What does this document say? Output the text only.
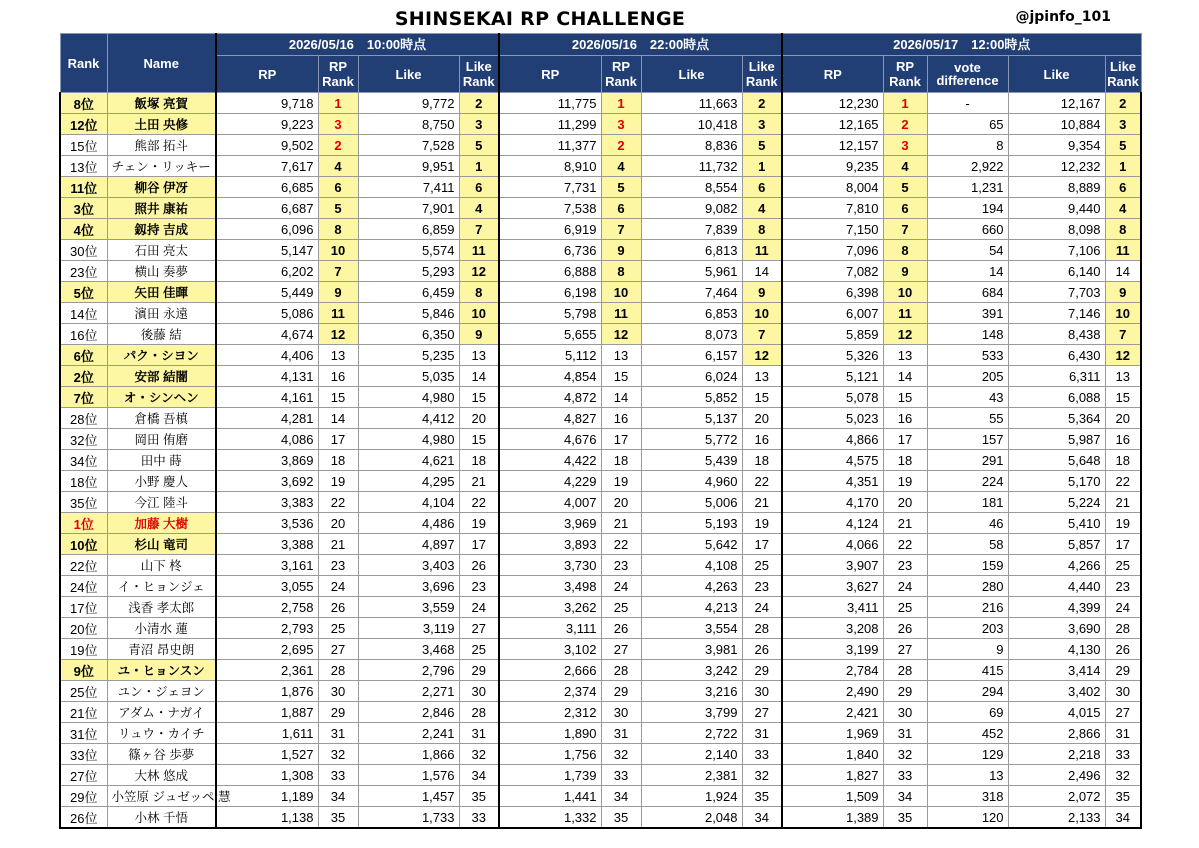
SHINSEKAI RP CHALLENGE	@jpinfo_101
Rank	Name	2026/05/16　10:00時点				2026/05/16　22:00時点				2026/05/17　12:00時点				
		RP	RP Rank	Like	Like Rank	RP	RP Rank	Like	Like Rank	RP	RP Rank	vote difference	Like	Like Rank
8位	飯塚 亮賀	9,718	1	9,772	2	11,775	1	11,663	2	12,230	1	-	12,167	2
12位	土田 央修	9,223	3	8,750	3	11,299	3	10,418	3	12,165	2	65	10,884	3
15位	熊部 拓斗	9,502	2	7,528	5	11,377	2	8,836	5	12,157	3	8	9,354	5
13位	チェン・リッキー	7,617	4	9,951	1	8,910	4	11,732	1	9,235	4	2,922	12,232	1
11位	柳谷 伊冴	6,685	6	7,411	6	7,731	5	8,554	6	8,004	5	1,231	8,889	6
3位	照井 康祐	6,687	5	7,901	4	7,538	6	9,082	4	7,810	6	194	9,440	4
4位	釼持 吉成	6,096	8	6,859	7	6,919	7	7,839	8	7,150	7	660	8,098	8
30位	石田 亮太	5,147	10	5,574	11	6,736	9	6,813	11	7,096	8	54	7,106	11
23位	横山 奏夢	6,202	7	5,293	12	6,888	8	5,961	14	7,082	9	14	6,140	14
5位	矢田 佳暉	5,449	9	6,459	8	6,198	10	7,464	9	6,398	10	684	7,703	9
14位	濱田 永遠	5,086	11	5,846	10	5,798	11	6,853	10	6,007	11	391	7,146	10
16位	後藤 結	4,674	12	6,350	9	5,655	12	8,073	7	5,859	12	148	8,438	7
6位	パク・シヨン	4,406	13	5,235	13	5,112	13	6,157	12	5,326	13	533	6,430	12
2位	安部 結闇	4,131	16	5,035	14	4,854	15	6,024	13	5,121	14	205	6,311	13
7位	オ・シンヘン	4,161	15	4,980	15	4,872	14	5,852	15	5,078	15	43	6,088	15
28位	倉橋 吾槙	4,281	14	4,412	20	4,827	16	5,137	20	5,023	16	55	5,364	20
32位	岡田 侑磨	4,086	17	4,980	15	4,676	17	5,772	16	4,866	17	157	5,987	16
34位	田中 蒔	3,869	18	4,621	18	4,422	18	5,439	18	4,575	18	291	5,648	18
18位	小野 慶人	3,692	19	4,295	21	4,229	19	4,960	22	4,351	19	224	5,170	22
35位	今江 陸斗	3,383	22	4,104	22	4,007	20	5,006	21	4,170	20	181	5,224	21
1位	加藤 大樹	3,536	20	4,486	19	3,969	21	5,193	19	4,124	21	46	5,410	19
10位	杉山 竜司	3,388	21	4,897	17	3,893	22	5,642	17	4,066	22	58	5,857	17
22位	山下 柊	3,161	23	3,403	26	3,730	23	4,108	25	3,907	23	159	4,266	25
24位	イ・ヒョンジェ	3,055	24	3,696	23	3,498	24	4,263	23	3,627	24	280	4,440	23
17位	浅香 孝太郎	2,758	26	3,559	24	3,262	25	4,213	24	3,411	25	216	4,399	24
20位	小清水 蓮	2,793	25	3,119	27	3,111	26	3,554	28	3,208	26	203	3,690	28
19位	青沼 昂史朗	2,695	27	3,468	25	3,102	27	3,981	26	3,199	27	9	4,130	26
9位	ユ・ヒョンスン	2,361	28	2,796	29	2,666	28	3,242	29	2,784	28	415	3,414	29
25位	ユン・ジェヨン	1,876	30	2,271	30	2,374	29	3,216	30	2,490	29	294	3,402	30
21位	アダム・ナガイ	1,887	29	2,846	28	2,312	30	3,799	27	2,421	30	69	4,015	27
31位	リュウ・カイチ	1,611	31	2,241	31	1,890	31	2,722	31	1,969	31	452	2,866	31
33位	篠ヶ谷 歩夢	1,527	32	1,866	32	1,756	32	2,140	33	1,840	32	129	2,218	33
27位	大林 悠成	1,308	33	1,576	34	1,739	33	2,381	32	1,827	33	13	2,496	32
29位	小笠原 ジュゼッペ 慧	1,189	34	1,457	35	1,441	34	1,924	35	1,509	34	318	2,072	35
26位	小林 千悟	1,138	35	1,733	33	1,332	35	2,048	34	1,389	35	120	2,133	34
